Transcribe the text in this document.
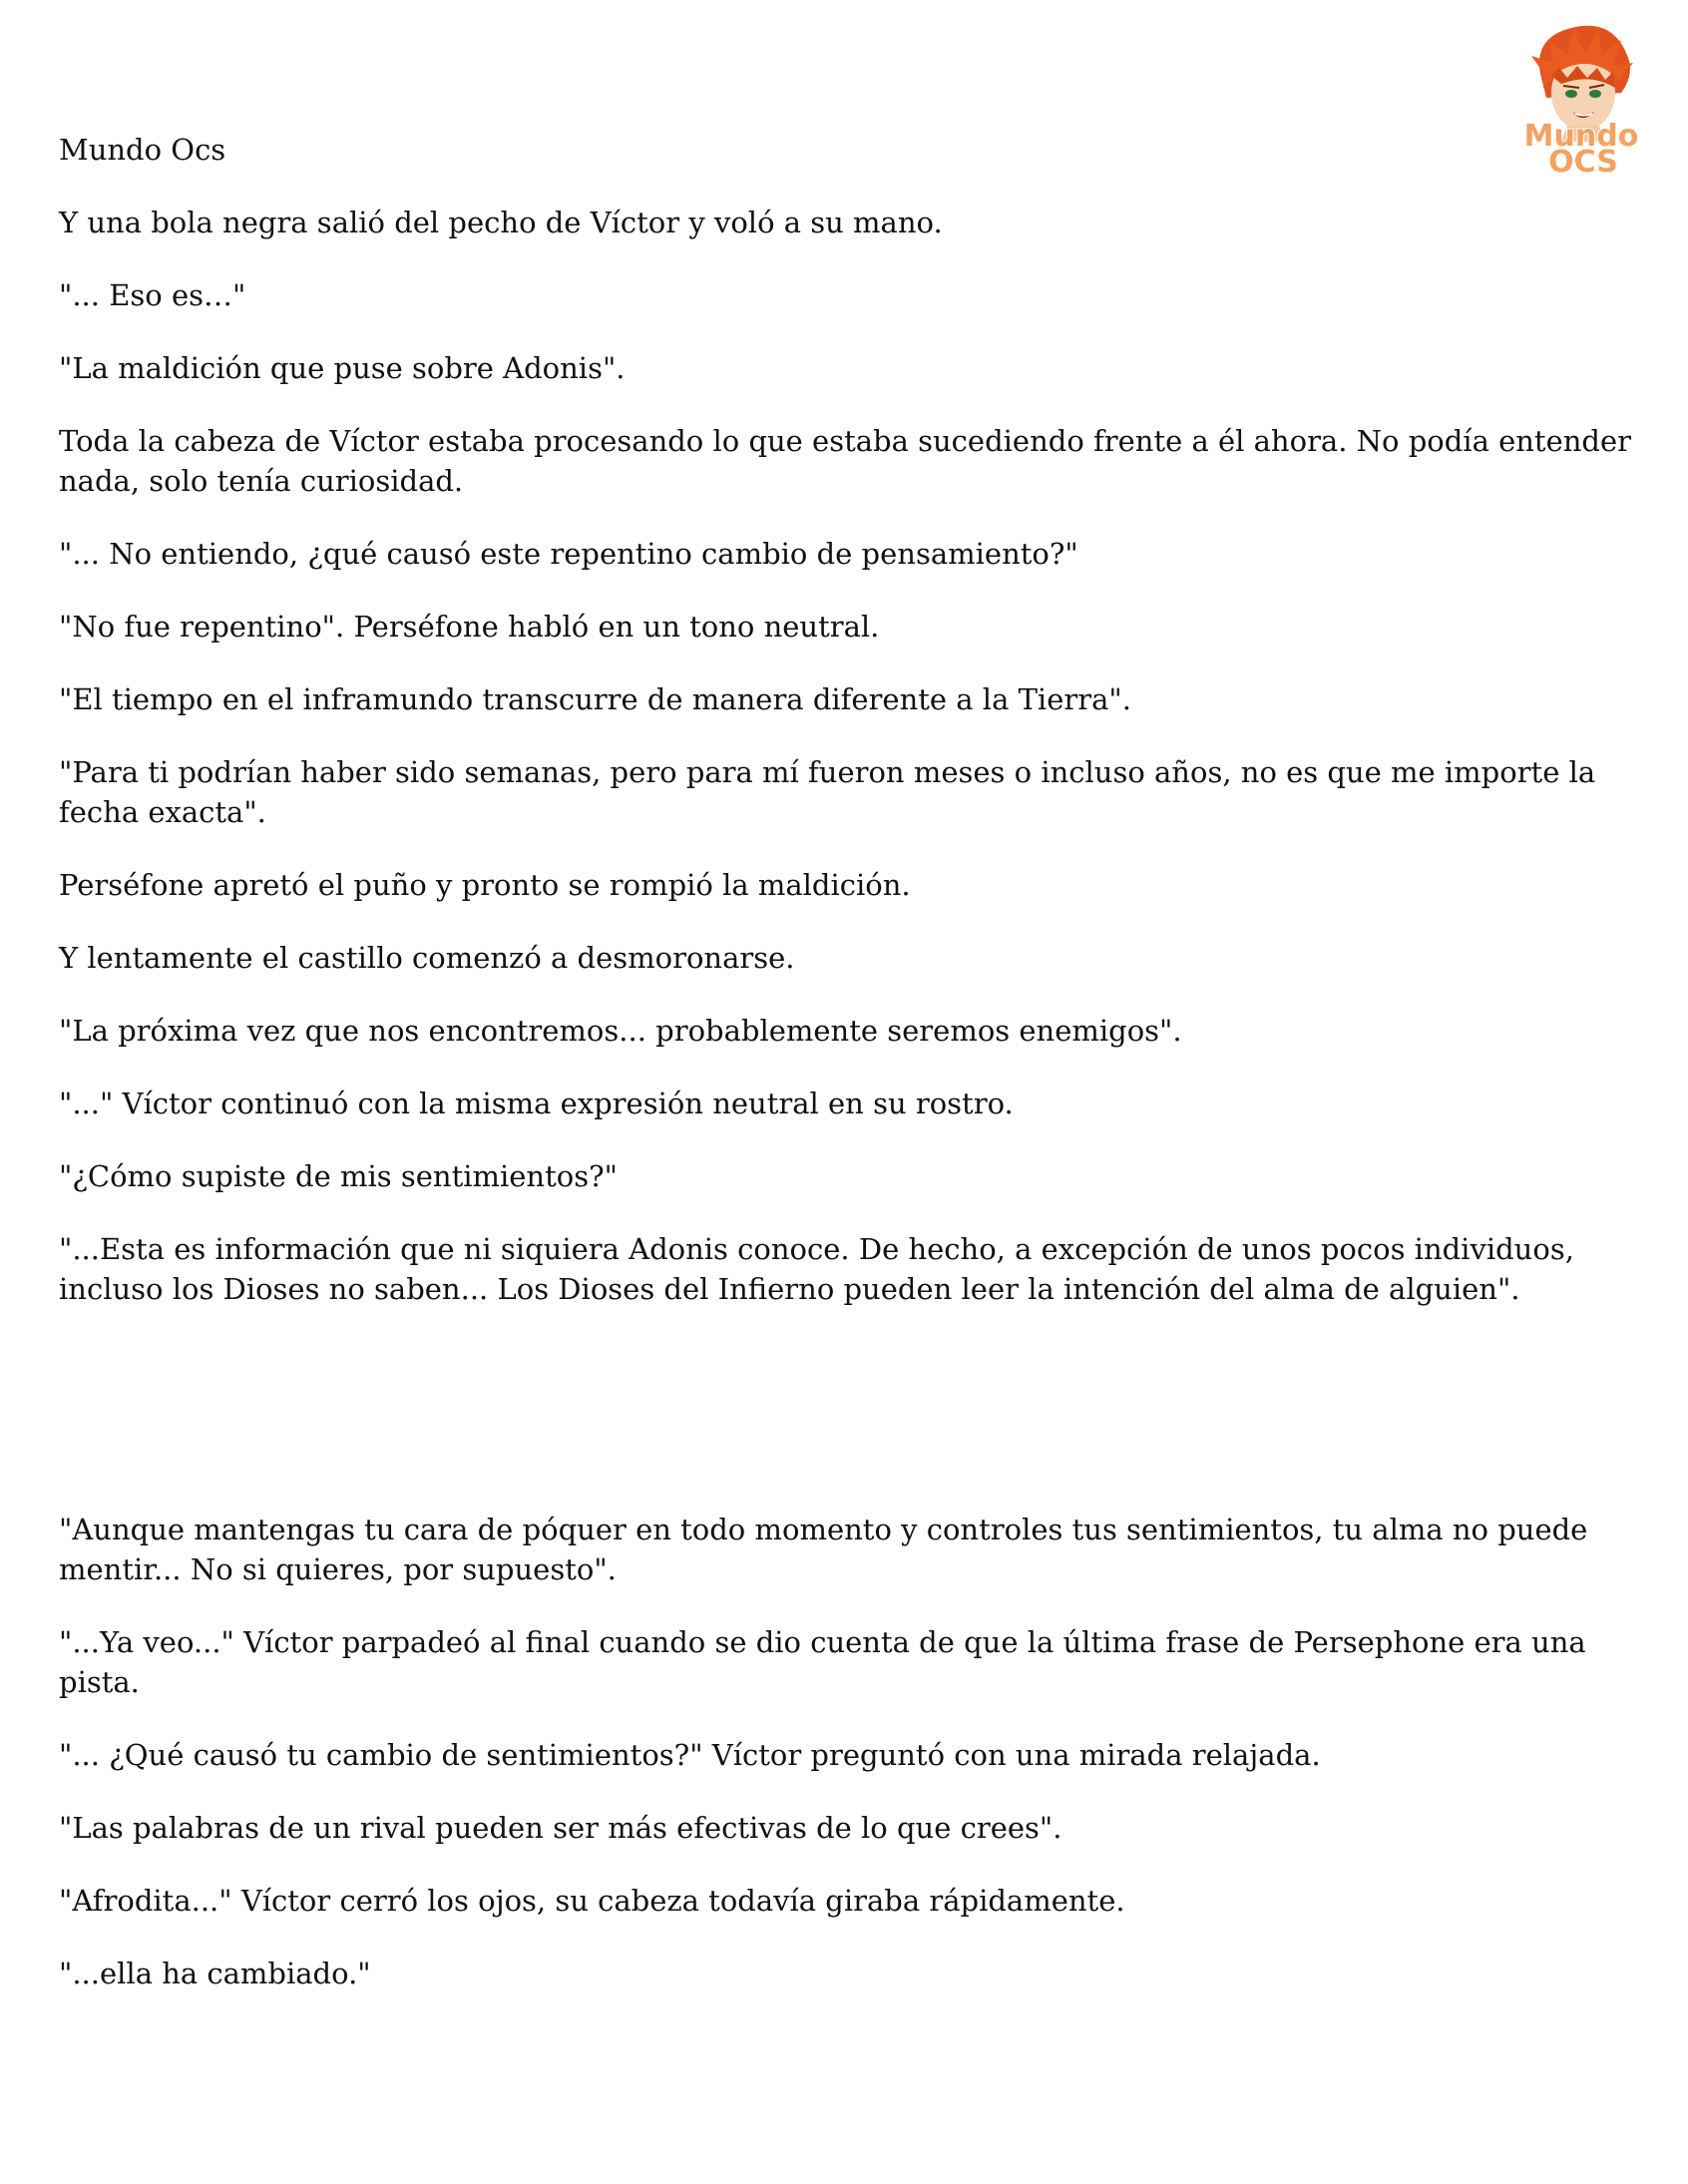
Mundo
OCS

Mundo Ocs

Y una bola negra salió del pecho de Víctor y voló a su mano.

"... Eso es…"

"La maldición que puse sobre Adonis".

Toda la cabeza de Víctor estaba procesando lo que estaba sucediendo frente a él ahora. No podía entender nada, solo tenía curiosidad.

"... No entiendo, ¿qué causó este repentino cambio de pensamiento?"

"No fue repentino". Perséfone habló en un tono neutral.

"El tiempo en el inframundo transcurre de manera diferente a la Tierra".

"Para ti podrían haber sido semanas, pero para mí fueron meses o incluso años, no es que me importe la fecha exacta".

Perséfone apretó el puño y pronto se rompió la maldición.

Y lentamente el castillo comenzó a desmoronarse.

"La próxima vez que nos encontremos... probablemente seremos enemigos".

"..." Víctor continuó con la misma expresión neutral en su rostro.

"¿Cómo supiste de mis sentimientos?"

"...Esta es información que ni siquiera Adonis conoce. De hecho, a excepción de unos pocos individuos, incluso los Dioses no saben... Los Dioses del Infierno pueden leer la intención del alma de alguien".

"Aunque mantengas tu cara de póquer en todo momento y controles tus sentimientos, tu alma no puede mentir... No si quieres, por supuesto".

"...Ya veo..." Víctor parpadeó al final cuando se dio cuenta de que la última frase de Persephone era una pista.

"... ¿Qué causó tu cambio de sentimientos?" Víctor preguntó con una mirada relajada.

"Las palabras de un rival pueden ser más efectivas de lo que crees".

"Afrodita..." Víctor cerró los ojos, su cabeza todavía giraba rápidamente.

"...ella ha cambiado."
